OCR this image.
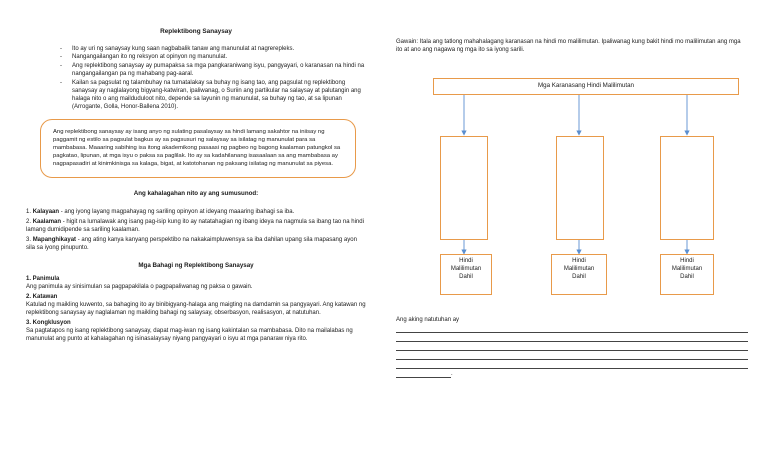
Replektibong Sanaysay
- Ito ay uri ng sanaysay kung saan nagbabalik tanaw ang manunulat at nagrerepleks.
- Nangangailangan ito ng reksyon at opinyon ng manunulat.
- Ang replektibong sanaysay ay pumapaksa sa mga pangkaraniwang isyu, pangyayari, o karanasan na hindi na nangangailangan pa ng mahabang pag-aaral.
- Kailan sa pagsulat ng talambuhay na tumatalakay sa buhay ng isang tao, ang pagsulat ng replektibong sanaysay ay naglalayong bigyang-katwiran, ipaliwanag, o Suriin ang partikular na salaysay at palutangin ang halaga nito o ang mailduduloot nito, depende sa layunin ng manunulat, sa buhay ng tao, at sa lipunan (Arrogante, Golla, Honor-Ballena 2010).
Ang replektibong sanaysay ay isang anyo ng sulating pasalaysay sa hindi lamang sakahtor na iniisay ng paggamit ng estilo sa pagsulat bagkus ay sa pagsusuri ng salaysay sa isilatag ng manunulat para sa mambabasa. Maaaring sabihing isa itong akademikong pasaasi ng pagbeo ng bagong kaalaman patungkol sa pagkatao, lipunan, at mga isyu o paksa sa paglilak. Ito ay sa kadahilanang isasaalaan sa ang mambabasa ay nagpapasadiri at kinimkinisga sa kalaga, bigat, at katotohanan ng paksang isilatag ng manunulat sa piyesa.
Ang kahalagahan nito ay ang sumusunod:
1. Kalayaan - ang iyong layang magpahayag ng sariling opinyon at ideyang maaaring ibahagi sa iba.
2. Kaalaman - higit na lumalawak ang isang pag-isip kung ito ay natatahagian ng ibang ideya na nagmula sa ibang tao na hindi lamang dumidipende sa sariling kaalaman.
3. Mapanghikayat - ang ating kanya kanyang perspektibo na nakakaimpluwensya sa iba dahilan upang sila mapasang ayon sila sa iyong pinupunto.
Mga Bahagi ng Replektibong Sanaysay
1. Panimula
Ang panimula ay sinisimulan sa pagpapakilala o pagpapaliwanag ng paksa o gawain.
2. Katawan
Katulad ng maikling kuwento, sa bahaging ito ay binibigyang-halaga ang maigting na damdamin sa pangyayari. Ang katawan ng replektibong sanaysay ay naglalaman ng maikling bahagi ng salaysay, obserbasyon, realisasyon, at natutuhan.
3. Kongklusyon
Sa pagtatapos ng isang replektibong sanaysay, dapat mag-iwan ng isang kakintalan sa mambabasa. Dito na mailalabas ng manunulat ang punto at kahalagahan ng isinasalaysay niyang pangyayari o isyu at mga panaraw niya rito.
Gawain: Itala ang tatlong mahahalagang karanasan na hindi mo malilimutan. Ipaliwanag kung bakit hindi mo malilimutan ang mga ito at ano ang nagawa ng mga ito sa iyong sarili.
Mga Karanasang Hindi Malilimutan
Hindi
Malilimutan
Dahil
Hindi
Malilimutan
Dahil
Hindi
Malilimutan
Dahil
Ang aking natutuhan ay
.
